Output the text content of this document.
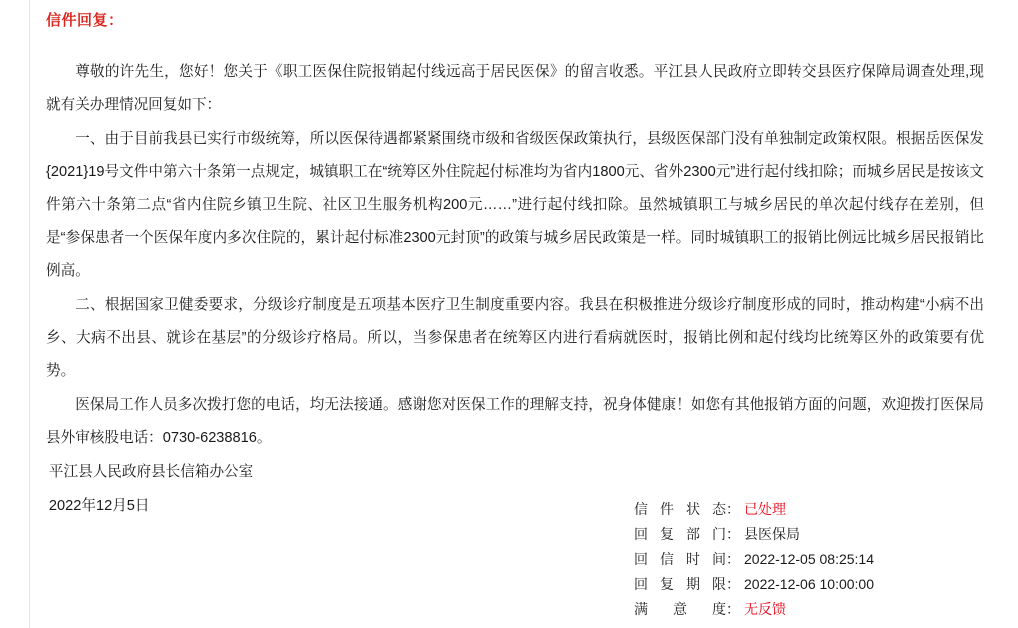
信件回复：

尊敬的许先生，您好！您关于《职工医保住院报销起付线远高于居民医保》的留言收悉。平江县人民政府立即转交县医疗保障局调查处理,现就有关办理情况回复如下：

一、由于目前我县已实行市级统筹，所以医保待遇都紧紧围绕市级和省级医保政策执行，县级医保部门没有单独制定政策权限。根据岳医保发{2021}19号文件中第六十条第一点规定，城镇职工在“统筹区外住院起付标准均为省内1800元、省外2300元”进行起付线扣除；而城乡居民是按该文件第六十条第二点“省内住院乡镇卫生院、社区卫生服务机构200元……”进行起付线扣除。虽然城镇职工与城乡居民的单次起付线存在差别，但是“参保患者一个医保年度内多次住院的，累计起付标准2300元封顶”的政策与城乡居民政策是一样。同时城镇职工的报销比例远比城乡居民报销比例高。

二、根据国家卫健委要求，分级诊疗制度是五项基本医疗卫生制度重要内容。我县在积极推进分级诊疗制度形成的同时，推动构建“小病不出乡、大病不出县、就诊在基层”的分级诊疗格局。所以，当参保患者在统筹区内进行看病就医时，报销比例和起付线均比统筹区外的政策要有优势。

医保局工作人员多次拨打您的电话，均无法接通。感谢您对医保工作的理解支持，祝身体健康！如您有其他报销方面的问题，欢迎拨打医保局县外审核股电话：0730-6238816。

平江县人民政府县长信箱办公室

2022年12月5日	信件状态 ： 已处理
回复部门 ： 县医保局
回信时间 ： 2022-12-05 08:25:14
回复期限 ： 2022-12-06 10:00:00
满意度 ： 无反馈
